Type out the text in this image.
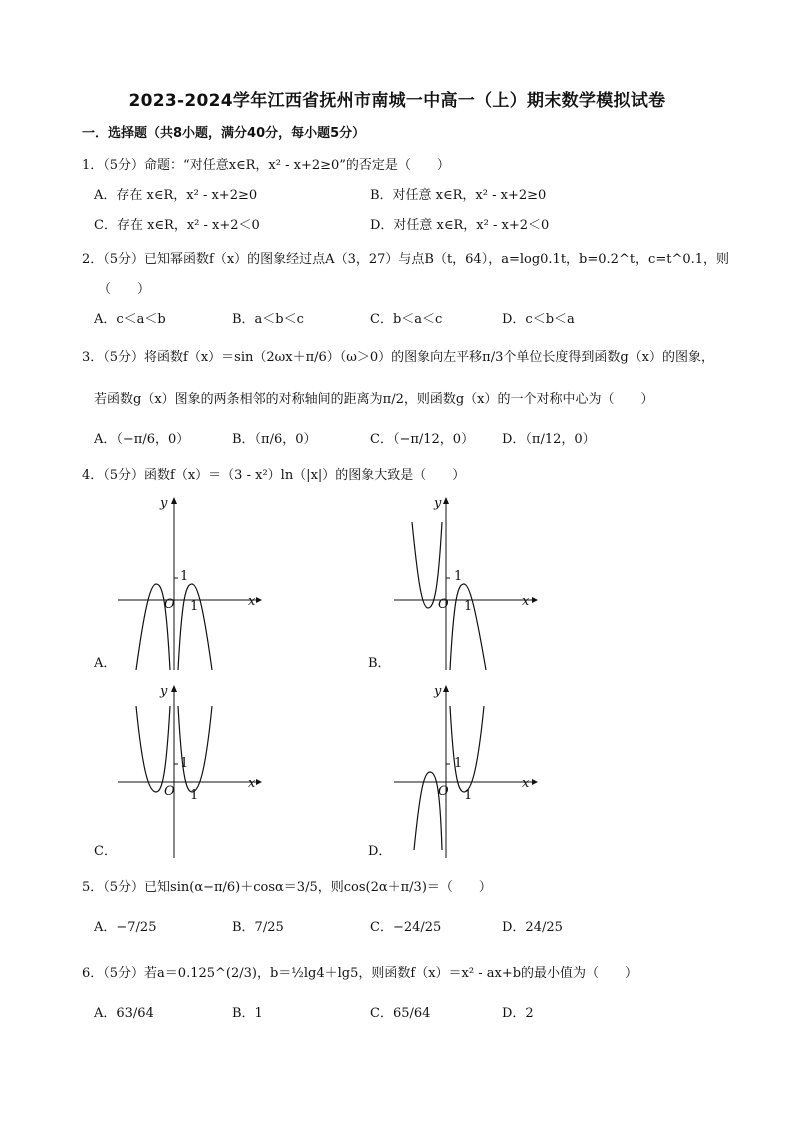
2023-2024学年江西省抚州市南城一中高一（上）期末数学模拟试卷
一．选择题（共8小题，满分40分，每小题5分）
1．（5分）命题：“对任意x∈R，x² - x+2≥0”的否定是（　　）
A．存在 x∈R，x² - x+2≥0	B．对任意 x∈R，x² - x+2≥0
C．存在 x∈R，x² - x+2＜0	D．对任意 x∈R，x² - x+2＜0
2．（5分）已知幂函数f（x）的图象经过点A（3，27）与点B（t，64），a=log0.1t，b=0.2^t，c=t^0.1，则
（　　）
A．c＜a＜b	B．a＜b＜c	C．b＜a＜c	D．c＜b＜a
3．（5分）将函数f（x）＝sin（2ωx＋π/6）（ω＞0）的图象向左平移π/3个单位长度得到函数g（x）的图象，
若函数g（x）图象的两条相邻的对称轴间的距离为π/2，则函数g（x）的一个对称中心为（　　）
A．（−π/6，0）	B．（π/6，0）	C．（−π/12，0） D．（π/12，0）
4．（5分）函数f（x）＝（3 - x²）ln（|x|）的图象大致是（　　）
y
x
O
1
1
A．
y
x
O
1
1
B．
y
x
O
1
1
C．
y
x
O
1
1
D．
5．（5分）已知sin(α−π/6)＋cosα＝3/5，则cos(2α＋π/3)＝（　　）
A．−7/25	B．7/25	C．−24/25	D．24/25
6．（5分）若a＝0.125^(2/3)，b＝½lg4＋lg5，则函数f（x）＝x² - ax+b的最小值为（　　）
A．63/64	B．1	C．65/64	D．2
